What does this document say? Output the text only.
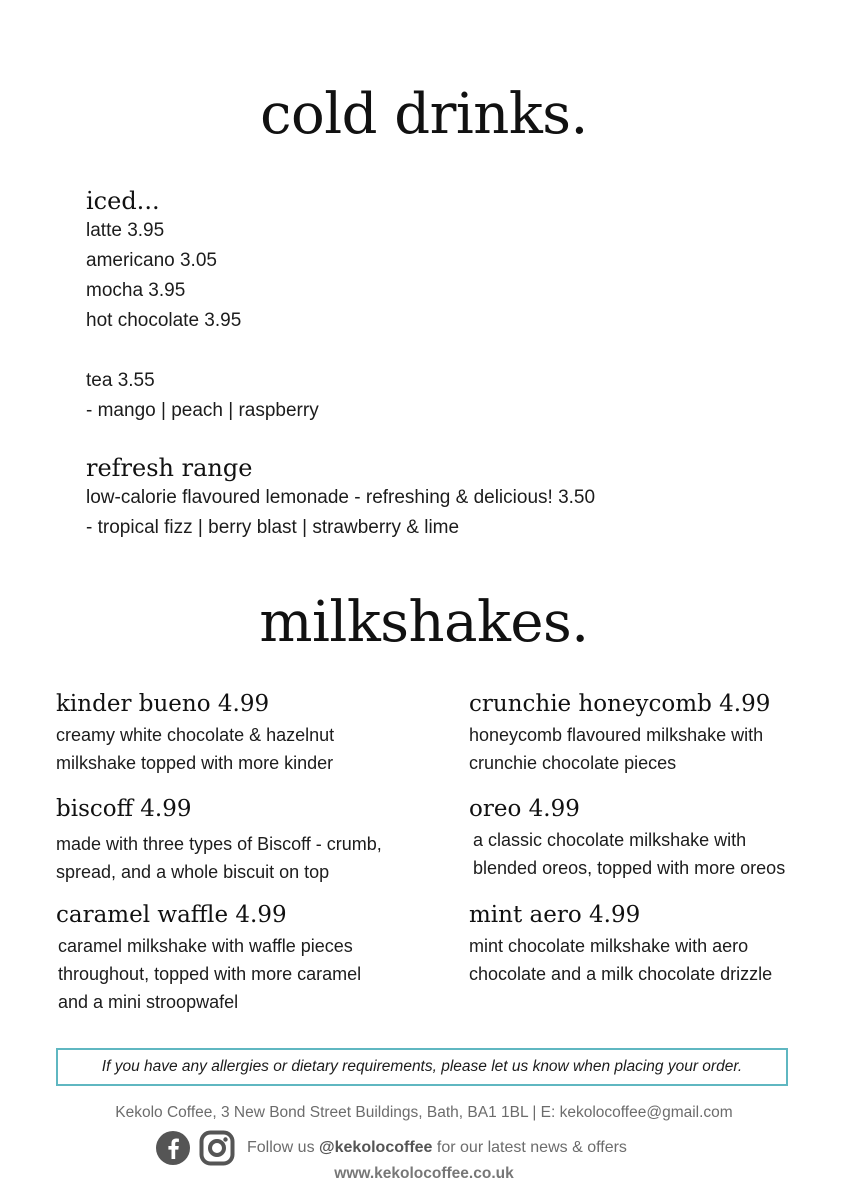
cold drinks.
iced...
latte 3.95
americano 3.05
mocha 3.95
hot chocolate 3.95
tea 3.55
- mango | peach | raspberry
refresh range
low-calorie flavoured lemonade - refreshing & delicious! 3.50
- tropical fizz | berry blast | strawberry & lime
milkshakes.
kinder bueno 4.99
creamy white chocolate & hazelnut
milkshake topped with more kinder
crunchie honeycomb 4.99
honeycomb flavoured milkshake with
crunchie chocolate pieces
biscoff 4.99
made with three types of Biscoff - crumb,
spread, and a whole biscuit on top
oreo 4.99
a classic chocolate milkshake with
blended oreos, topped with more oreos
caramel waffle 4.99
caramel milkshake with waffle pieces
throughout, topped with more caramel
and a mini stroopwafel
mint aero 4.99
mint chocolate milkshake with aero
chocolate and a milk chocolate drizzle
If you have any allergies or dietary requirements, please let us know when placing your order.
Kekolo Coffee, 3 New Bond Street Buildings, Bath, BA1 1BL | E: kekolocoffee@gmail.com
Follow us @kekolocoffee for our latest news & offers
www.kekolocoffee.co.uk
